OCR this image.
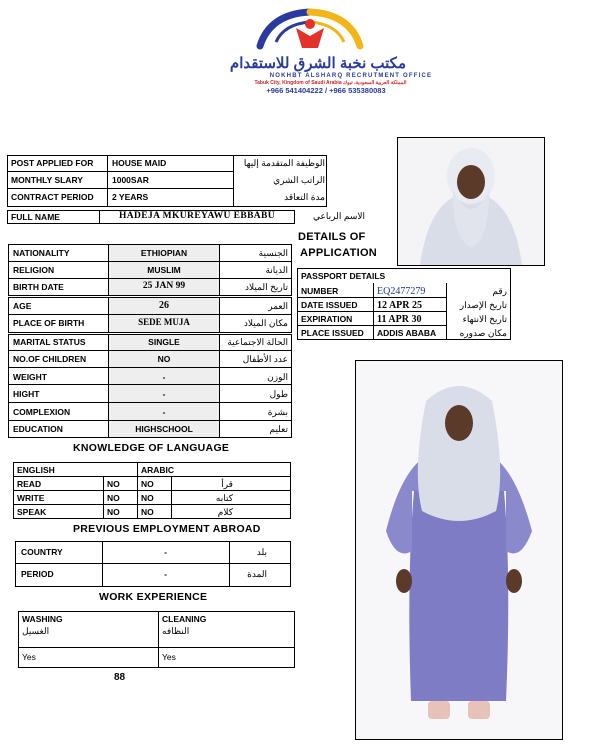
مكتب نخبة الشرق للاستقدام
NOKHBT ALSHARQ RECRUTMENT OFFICE
Tabuk City, Kingdom of Saudi Arabia المملكة العربية السعودية، تبوك
+966 541404222 / +966 535380083
POST APPLIED FOR HOUSE MAID	الوظيفة المتقدمة إليها
MONTHLY SLARY	1000SAR	الراتب الشري
CONTRACT PERIOD 2 YEARS	مدة التعاقد
FULL NAME	HADEJA MKUREYAWU EBBABU	الاسم الرباعي
DETAILS OF
APPLICATION
NATIONALITY	ETHIOPIAN	الجنسية
RELIGION	MUSLIM	الديانة
BIRTH DATE	25 JAN 99	تاريخ الميلاد
AGE	26	العمر
PLACE OF BIRTH	SEDE MUJA	مكان الميلاد
MARITAL STATUS	SINGLE	الحالة الاجتماعية
NO.OF CHILDREN	NO	عدد الأطفال
WEIGHT	-	الوزن
HIGHT	-	طول
COMPLEXION	-	بشرة
EDUCATION	HIGHSCHOOL	تعليم
PASSPORT DETAILS
NUMBER	EQ2477279	رقم
DATE ISSUED 12 APR 25	تاريخ الإصدار
EXPIRATION 11 APR 30	تاريخ الانتهاء
PLACE ISSUED ADDIS ABABA	مكان صدوره
KNOWLEDGE OF LANGUAGE
ENGLISH	ARABIC
READ	NO	NO	قرأ
WRITE	NO	NO	كتابه
SPEAK	NO	NO	كلام
PREVIOUS EMPLOYMENT ABROAD
COUNTRY	-	بلد
PERIOD	-	المدة
WORK EXPERIENCE
WASHING
الغسيل
CLEANING
النظافه
Yes	Yes
88
